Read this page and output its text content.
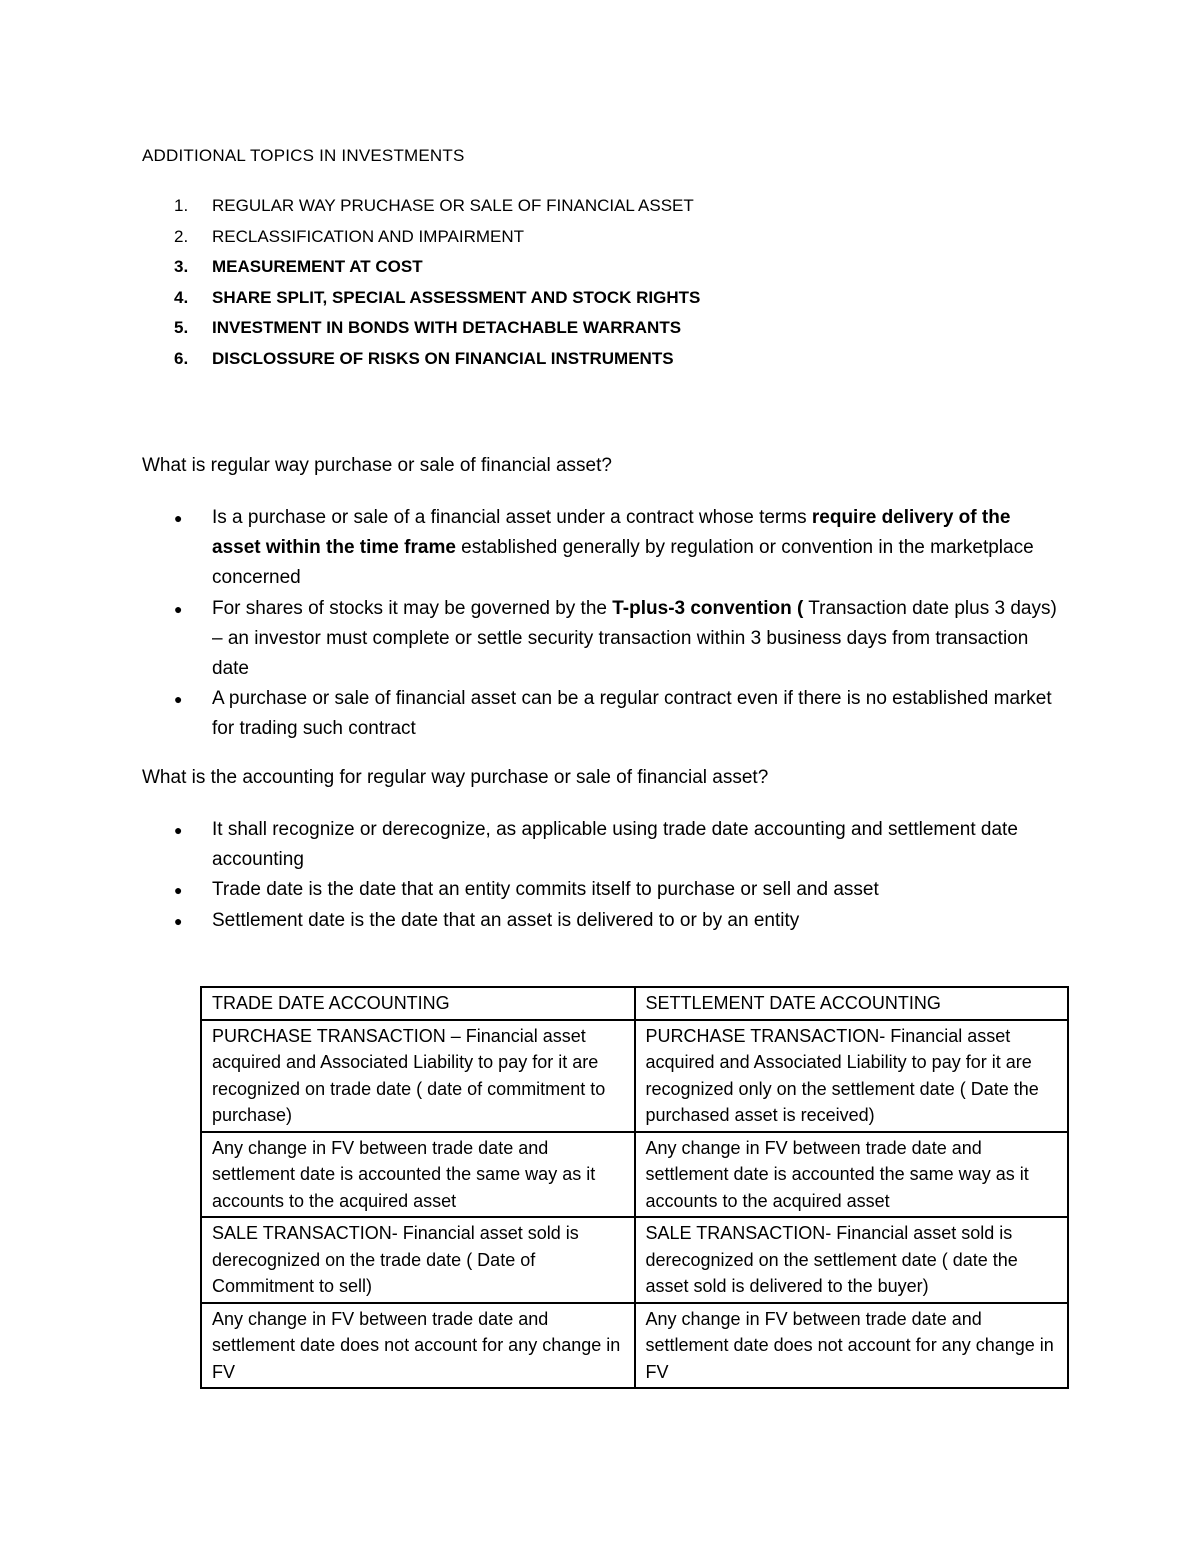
ADDITIONAL TOPICS IN INVESTMENTS
1.	REGULAR WAY PRUCHASE OR SALE OF FINANCIAL ASSET
2.	RECLASSIFICATION AND IMPAIRMENT
3.	MEASUREMENT AT COST
4.	SHARE SPLIT, SPECIAL ASSESSMENT AND STOCK RIGHTS
5.	INVESTMENT IN BONDS WITH DETACHABLE WARRANTS
6.	DISCLOSSURE OF RISKS ON FINANCIAL INSTRUMENTS
What is regular way purchase or sale of financial asset?
● Is a purchase or sale of a financial asset under a contract whose terms require delivery of the asset within the time frame established generally by regulation or convention in the marketplace concerned
● For shares of stocks it may be governed by the T-plus-3 convention ( Transaction date plus 3 days) – an investor must complete or settle security transaction within 3 business days from transaction date
● A purchase or sale of financial asset can be a regular contract even if there is no established market for trading such contract
What is the accounting for regular way purchase or sale of financial asset?
● It shall recognize or derecognize, as applicable using trade date accounting and settlement date accounting
● Trade date is the date that an entity commits itself to purchase or sell and asset
● Settlement date is the date that an asset is delivered to or by an entity
TRADE DATE ACCOUNTING	SETTLEMENT DATE ACCOUNTING
PURCHASE TRANSACTION – Financial asset acquired and Associated Liability to pay for it are recognized on trade date ( date of commitment to purchase)	PURCHASE TRANSACTION- Financial asset acquired and Associated Liability to pay for it are recognized only on the settlement date ( Date the purchased asset is received)
Any change in FV between trade date and settlement date is accounted the same way as it accounts to the acquired asset	Any change in FV between trade date and settlement date is accounted the same way as it accounts to the acquired asset
SALE TRANSACTION- Financial asset sold is derecognized on the trade date ( Date of Commitment to sell)	SALE TRANSACTION- Financial asset sold is derecognized on the settlement date ( date the asset sold is delivered to the buyer)
Any change in FV between trade date and settlement date does not account for any change in FV	Any change in FV between trade date and settlement date does not account for any change in FV
